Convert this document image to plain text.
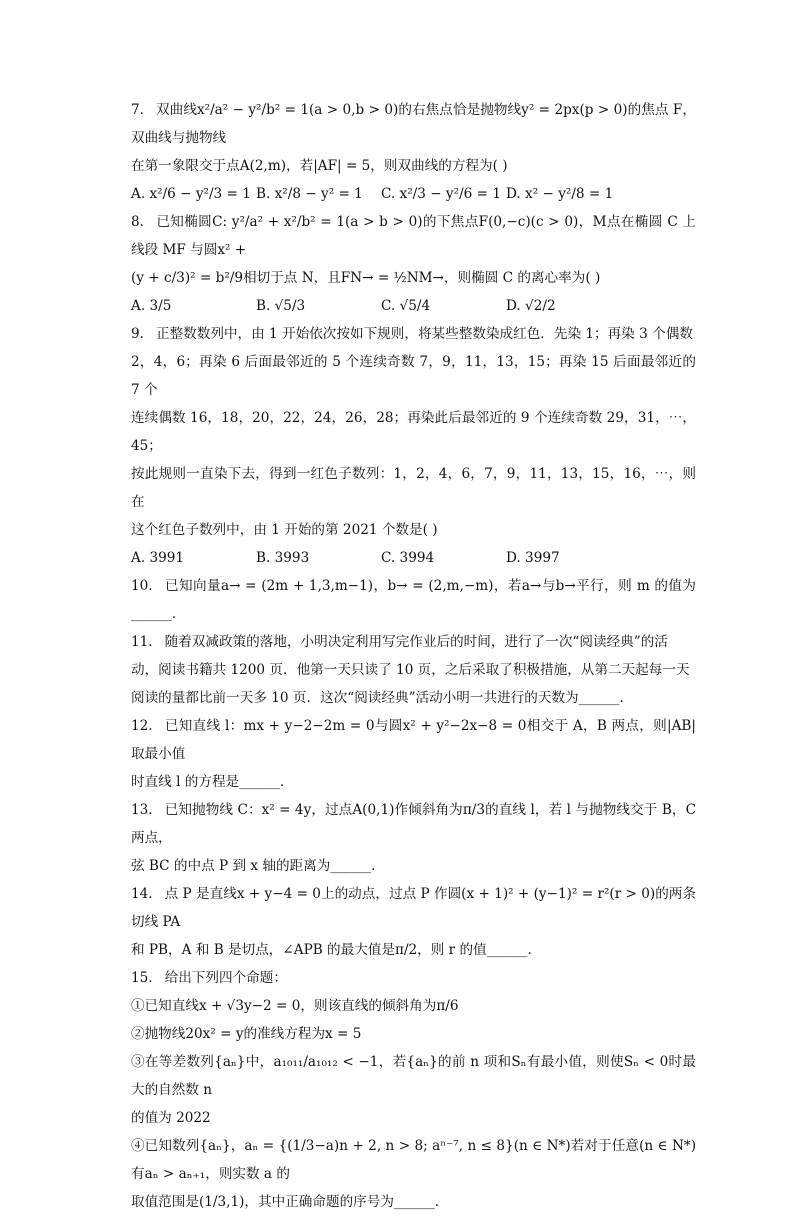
7. 双曲线x²/a² − y²/b² = 1(a > 0,b > 0)的右焦点恰是抛物线y² = 2px(p > 0)的焦点 F，双曲线与抛物线

在第一象限交于点A(2,m)，若|AF| = 5，则双曲线的方程为( )

A. x²/6 − y²/3 = 1 B. x²/8 − y² = 1	C. x²/3 − y²/6 = 1 D. x² − y²/8 = 1

8. 已知椭圆C: y²/a² + x²/b² = 1(a > b > 0)的下焦点F(0,−c)(c > 0)，M点在椭圆 C 上线段 MF 与圆x² +

(y + c/3)² = b²/9相切于点 N，且FN→ = ½NM→，则椭圆 C 的离心率为( )

A. 3/5	B. √5/3	C. √5/4	D. √2/2

9. 正整数数列中，由 1 开始依次按如下规则，将某些整数染成红色．先染 1；再染 3 个偶数

2，4，6；再染 6 后面最邻近的 5 个连续奇数 7，9，11，13，15；再染 15 后面最邻近的 7 个

连续偶数 16，18，20，22，24，26，28；再染此后最邻近的 9 个连续奇数 29，31，⋯，45；

按此规则一直染下去，得到一红色子数列：1，2，4，6，7，9，11，13，15，16，⋯，则在

这个红色子数列中，由 1 开始的第 2021 个数是( )

A. 3991	B. 3993	C. 3994	D. 3997

10. 已知向量a→ = (2m + 1,3,m−1)，b→ = (2,m,−m)，若a→与b→平行，则 m 的值为______.

11. 随着双减政策的落地，小明决定利用写完作业后的时间，进行了一次“阅读经典”的活

动，阅读书籍共 1200 页．他第一天只读了 10 页，之后采取了积极措施，从第二天起每一天

阅读的量都比前一天多 10 页．这次“阅读经典”活动小明一共进行的天数为______.

12. 已知直线 l：mx + y−2−2m = 0与圆x² + y²−2x−8 = 0相交于 A，B 两点，则|AB|取最小值

时直线 l 的方程是______.

13. 已知抛物线 C：x² = 4y，过点A(0,1)作倾斜角为π/3的直线 l，若 l 与抛物线交于 B，C 两点，

弦 BC 的中点 P 到 x 轴的距离为______.

14. 点 P 是直线x + y−4 = 0上的动点，过点 P 作圆(x + 1)² + (y−1)² = r²(r > 0)的两条切线 PA

和 PB，A 和 B 是切点，∠APB 的最大值是π/2，则 r 的值______.

15. 给出下列四个命题：

①已知直线x + √3y−2 = 0，则该直线的倾斜角为π/6

②抛物线20x² = y的准线方程为x = 5

③在等差数列{aₙ}中，a₁₀₁₁/a₁₀₁₂ < −1，若{aₙ}的前 n 项和Sₙ有最小值，则使Sₙ < 0时最大的自然数 n

的值为 2022

④已知数列{aₙ}，aₙ = {(1/3−a)n + 2, n > 8; aⁿ⁻⁷, n ≤ 8}(n ∈ N*)若对于任意(n ∈ N*)有aₙ > aₙ₊₁，则实数 a 的

取值范围是(1/3,1)，其中正确命题的序号为______.
